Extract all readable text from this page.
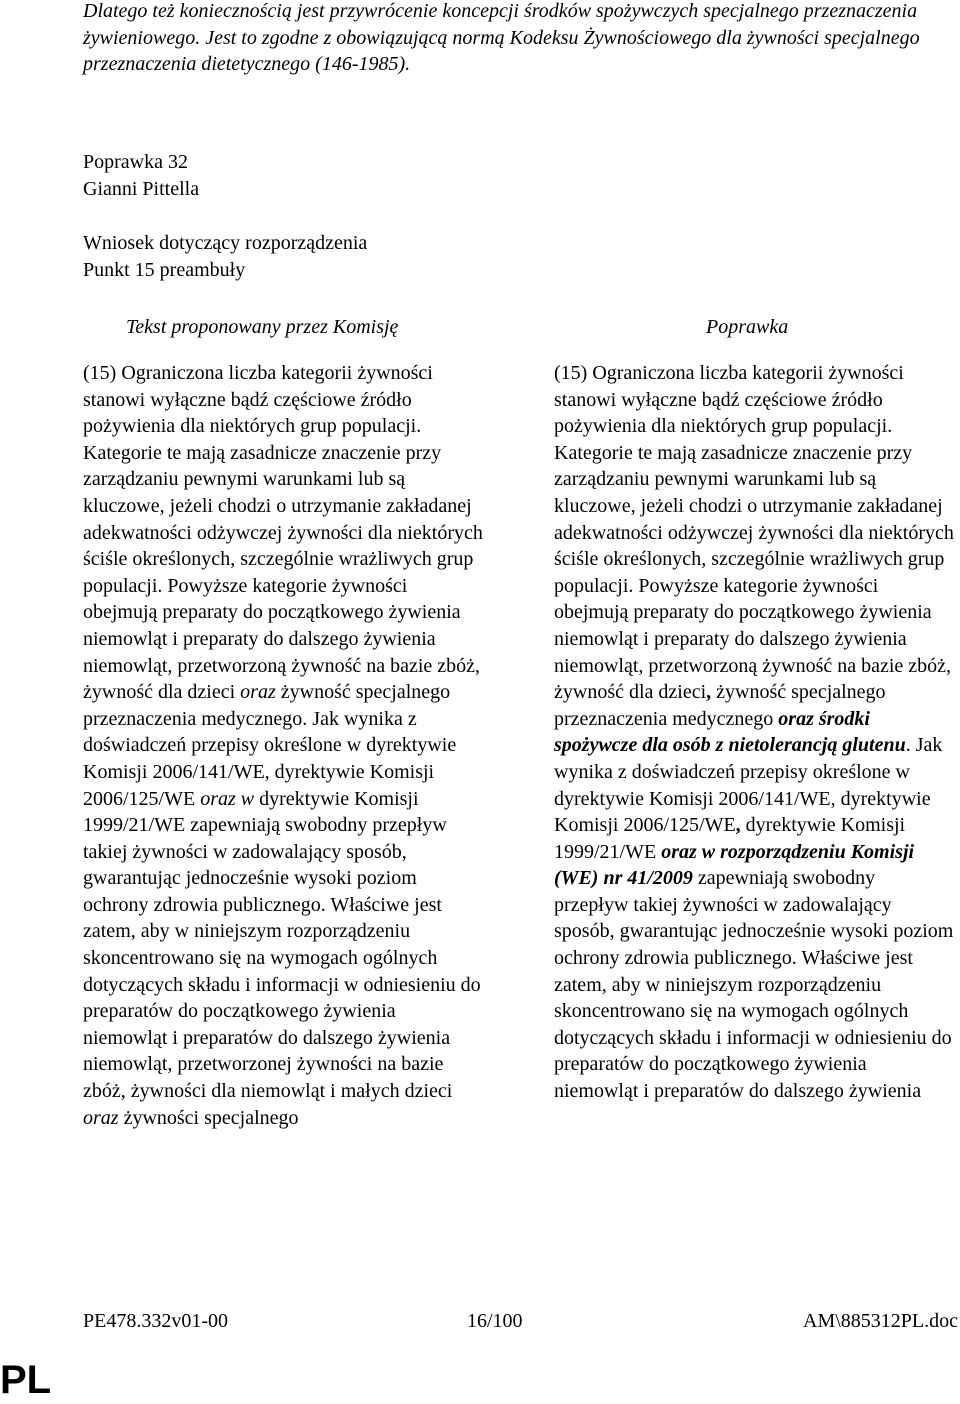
Dlatego też koniecznością jest przywrócenie koncepcji środków spożywczych specjalnego przeznaczenia żywieniowego. Jest to zgodne z obowiązującą normą Kodeksu Żywnościowego dla żywności specjalnego przeznaczenia dietetycznego (146-1985).
Poprawka 32
Gianni Pittella
Wniosek dotyczący rozporządzenia
Punkt 15 preambuły
Tekst proponowany przez Komisję	Poprawka
(15) Ograniczona liczba kategorii żywności stanowi wyłączne bądź częściowe źródło pożywienia dla niektórych grup populacji. Kategorie te mają zasadnicze znaczenie przy zarządzaniu pewnymi warunkami lub są kluczowe, jeżeli chodzi o utrzymanie zakładanej adekwatności odżywczej żywności dla niektórych ściśle określonych, szczególnie wrażliwych grup populacji. Powyższe kategorie żywności obejmują preparaty do początkowego żywienia niemowląt i preparaty do dalszego żywienia niemowląt, przetworzoną żywność na bazie zbóż, żywność dla dzieci oraz żywność specjalnego przeznaczenia medycznego. Jak wynika z doświadczeń przepisy określone w dyrektywie Komisji 2006/141/WE, dyrektywie Komisji 2006/125/WE oraz w dyrektywie Komisji 1999/21/WE zapewniają swobodny przepływ takiej żywności w zadowalający sposób, gwarantując jednocześnie wysoki poziom ochrony zdrowia publicznego. Właściwe jest zatem, aby w niniejszym rozporządzeniu skoncentrowano się na wymogach ogólnych dotyczących składu i informacji w odniesieniu do preparatów do początkowego żywienia niemowląt i preparatów do dalszego żywienia niemowląt, przetworzonej żywności na bazie zbóż, żywności dla niemowląt i małych dzieci oraz żywności specjalnego
(15) Ograniczona liczba kategorii żywności stanowi wyłączne bądź częściowe źródło pożywienia dla niektórych grup populacji. Kategorie te mają zasadnicze znaczenie przy zarządzaniu pewnymi warunkami lub są kluczowe, jeżeli chodzi o utrzymanie zakładanej adekwatności odżywczej żywności dla niektórych ściśle określonych, szczególnie wrażliwych grup populacji. Powyższe kategorie żywności obejmują preparaty do początkowego żywienia niemowląt i preparaty do dalszego żywienia niemowląt, przetworzoną żywność na bazie zbóż, żywność dla dzieci, żywność specjalnego przeznaczenia medycznego oraz środki spożywcze dla osób z nietolerancją glutenu. Jak wynika z doświadczeń przepisy określone w dyrektywie Komisji 2006/141/WE, dyrektywie Komisji 2006/125/WE, dyrektywie Komisji 1999/21/WE oraz w rozporządzeniu Komisji (WE) nr 41/2009 zapewniają swobodny przepływ takiej żywności w zadowalający sposób, gwarantując jednocześnie wysoki poziom ochrony zdrowia publicznego. Właściwe jest zatem, aby w niniejszym rozporządzeniu skoncentrowano się na wymogach ogólnych dotyczących składu i informacji w odniesieniu do preparatów do początkowego żywienia niemowląt i preparatów do dalszego żywienia
PE478.332v01-00	16/100	AM\885312PL.doc
PL
